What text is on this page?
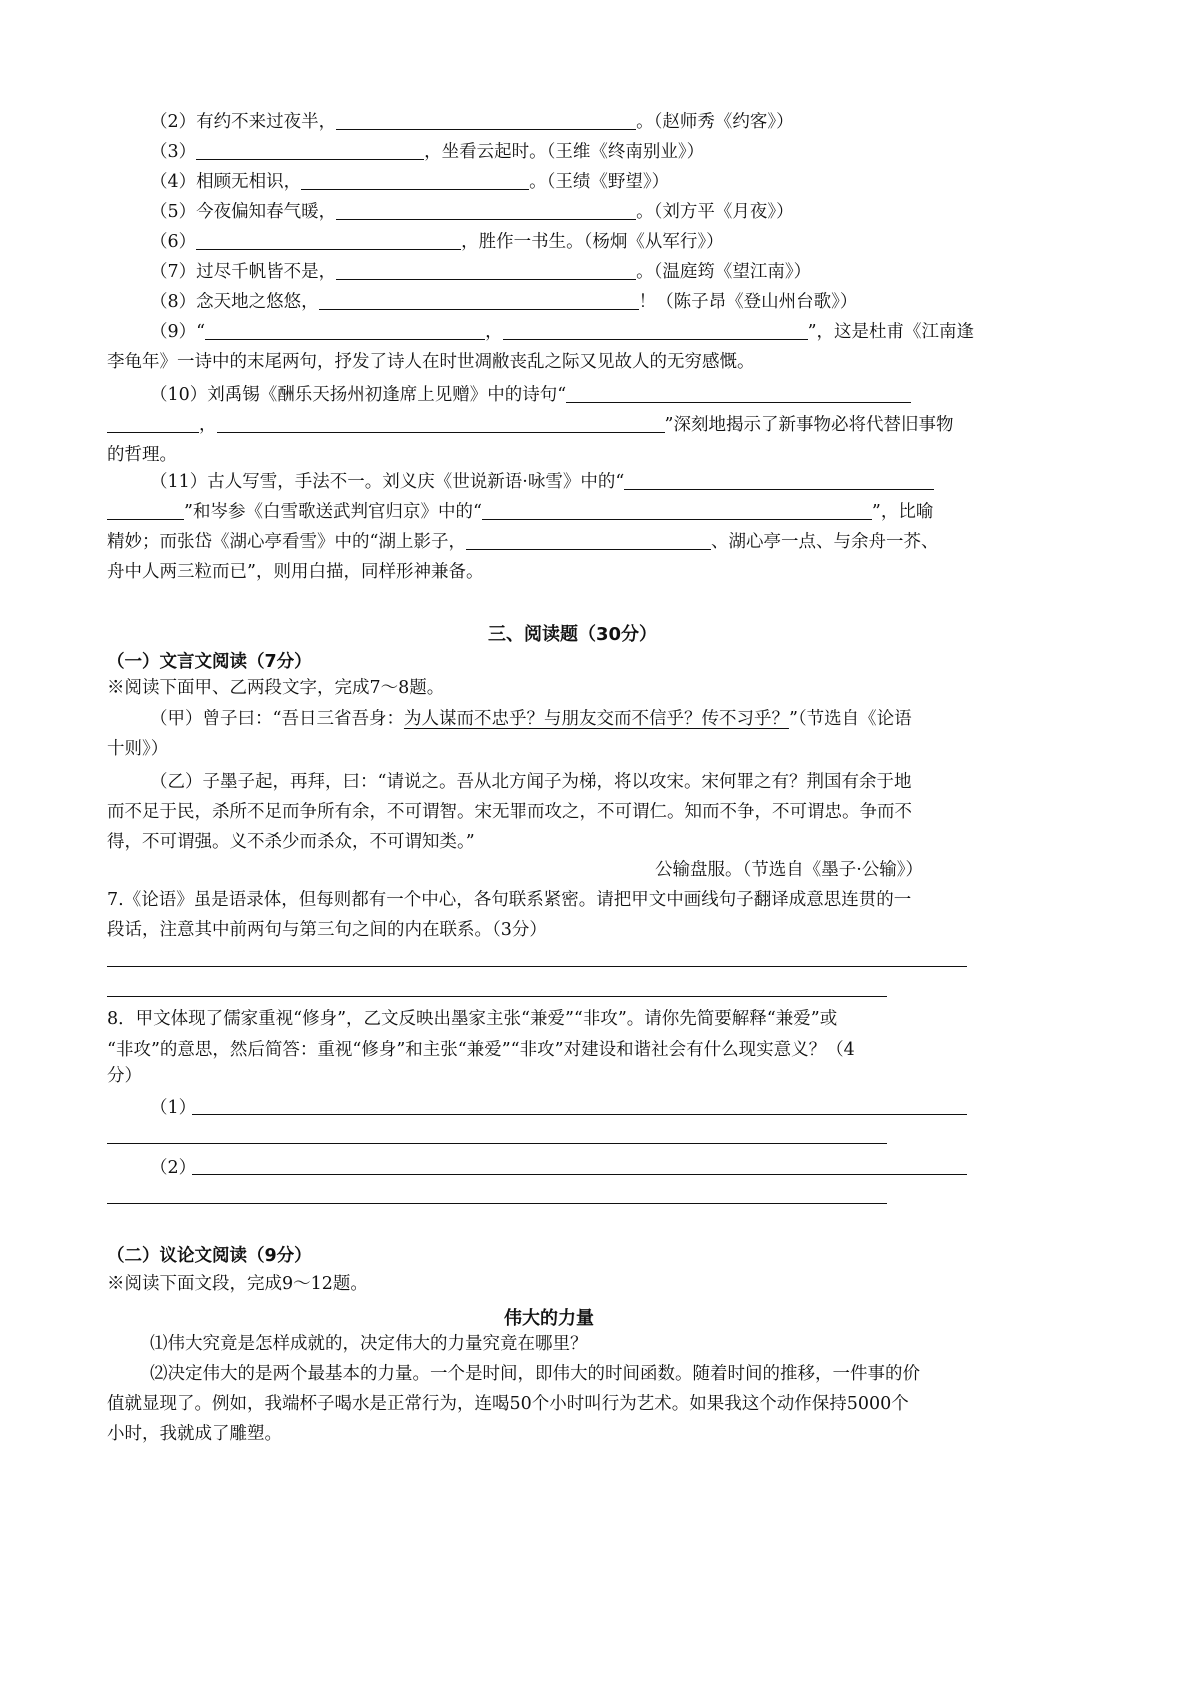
（2）有约不来过夜半，	。（赵师秀《约客》）
（3）	，坐看云起时。（王维《终南别业》）
（4）相顾无相识，	。（王绩《野望》）
（5）今夜偏知春气暖，	。（刘方平《月夜》）
（6）	，胜作一书生。（杨炯《从军行》）
（7）过尽千帆皆不是，	。（温庭筠《望江南》）
（8）念天地之悠悠，	！（陈子昂《登山州台歌》）
（9）“	，	”，这是杜甫《江南逢
李龟年》一诗中的末尾两句，抒发了诗人在时世凋敝丧乱之际又见故人的无穷感慨。
（10）刘禹锡《酬乐天扬州初逢席上见赠》中的诗句“
，	”深刻地揭示了新事物必将代替旧事物
的哲理。
（11）古人写雪，手法不一。刘义庆《世说新语·咏雪》中的“
”和岑参《白雪歌送武判官归京》中的“	”，比喻
精妙；而张岱《湖心亭看雪》中的“湖上影子，	、湖心亭一点、与余舟一芥、
舟中人两三粒而已”，则用白描，同样形神兼备。
三、阅读题（30分）
（一）文言文阅读（7分）
※阅读下面甲、乙两段文字，完成7～8题。
（甲）曾子曰：“吾日三省吾身：为人谋而不忠乎？与朋友交而不信乎？传不习乎？”（节选自《论语
十则》）
（乙）子墨子起，再拜，曰：“请说之。吾从北方闻子为梯，将以攻宋。宋何罪之有？荆国有余于地
而不足于民，杀所不足而争所有余，不可谓智。宋无罪而攻之，不可谓仁。知而不争，不可谓忠。争而不
得，不可谓强。义不杀少而杀众，不可谓知类。”
公输盘服。（节选自《墨子·公输》）
7.《论语》虽是语录体，但每则都有一个中心，各句联系紧密。请把甲文中画线句子翻译成意思连贯的一
段话，注意其中前两句与第三句之间的内在联系。（3分）
8．甲文体现了儒家重视“修身”，乙文反映出墨家主张“兼爱”“非攻”。请你先简要解释“兼爱”或
“非攻”的意思，然后简答：重视“修身”和主张“兼爱”“非攻”对建设和谐社会有什么现实意义？（4
分）
（1）
（2）
（二）议论文阅读（9分）
※阅读下面文段，完成9～12题。
伟大的力量
⑴伟大究竟是怎样成就的，决定伟大的力量究竟在哪里？
⑵决定伟大的是两个最基本的力量。一个是时间，即伟大的时间函数。随着时间的推移，一件事的价
值就显现了。例如，我端杯子喝水是正常行为，连喝50个小时叫行为艺术。如果我这个动作保持5000个
小时，我就成了雕塑。
